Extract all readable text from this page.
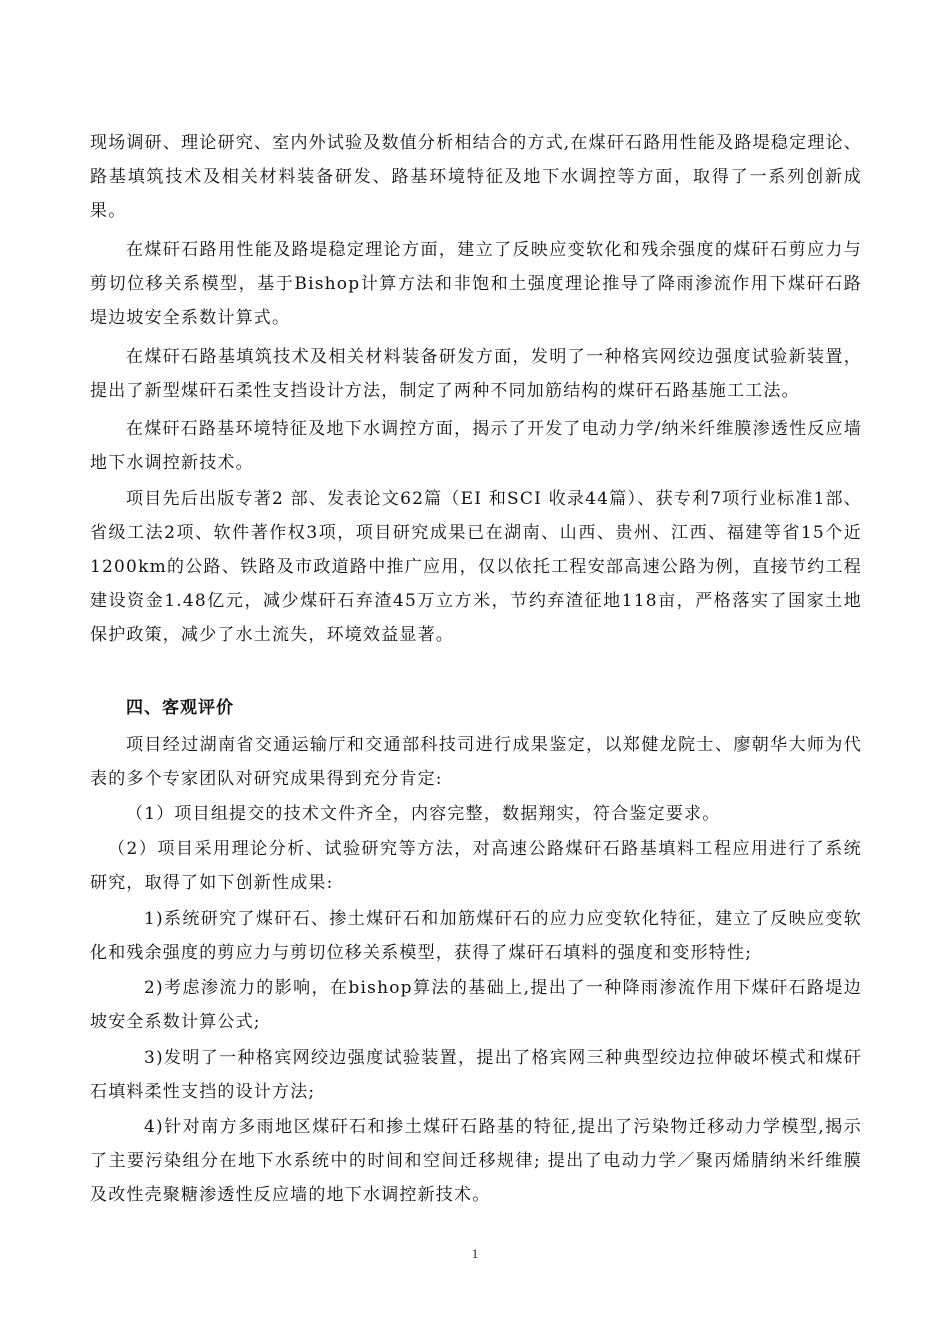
现场调研、理论研究、室内外试验及数值分析相结合的方式,在煤矸石路用性能及路堤稳定理论、路基填筑技术及相关材料装备研发、路基环境特征及地下水调控等方面，取得了一系列创新成果。

在煤矸石路用性能及路堤稳定理论方面，建立了反映应变软化和残余强度的煤矸石剪应力与剪切位移关系模型，基于Bishop计算方法和非饱和土强度理论推导了降雨渗流作用下煤矸石路堤边坡安全系数计算式。

在煤矸石路基填筑技术及相关材料装备研发方面，发明了一种格宾网绞边强度试验新装置，提出了新型煤矸石柔性支挡设计方法，制定了两种不同加筋结构的煤矸石路基施工工法。

在煤矸石路基环境特征及地下水调控方面，揭示了开发了电动力学/纳米纤维膜渗透性反应墙地下水调控新技术。

项目先后出版专著2 部、发表论文62篇（EI 和SCI 收录44篇）、获专利7项行业标准1部、省级工法2项、软件著作权3项，项目研究成果已在湖南、山西、贵州、江西、福建等省15个近1200km的公路、铁路及市政道路中推广应用，仅以依托工程安部高速公路为例，直接节约工程建设资金1.48亿元，减少煤矸石弃渣45万立方米，节约弃渣征地118亩，严格落实了国家土地保护政策，减少了水土流失，环境效益显著。

四、客观评价

项目经过湖南省交通运输厅和交通部科技司进行成果鉴定，以郑健龙院士、廖朝华大师为代表的多个专家团队对研究成果得到充分肯定:

（1）项目组提交的技术文件齐全，内容完整，数据翔实，符合鉴定要求。

（2）项目采用理论分析、试验研究等方法，对高速公路煤矸石路基填料工程应用进行了系统研究，取得了如下创新性成果:

1)系统研究了煤矸石、掺土煤矸石和加筋煤矸石的应力应变软化特征，建立了反映应变软化和残余强度的剪应力与剪切位移关系模型，获得了煤矸石填料的强度和变形特性;

2)考虑渗流力的影响，在bishop算法的基础上,提出了一种降雨渗流作用下煤矸石路堤边坡安全系数计算公式;

3)发明了一种格宾网绞边强度试验装置，提出了格宾网三种典型绞边拉伸破坏模式和煤矸石填料柔性支挡的设计方法;

4)针对南方多雨地区煤矸石和掺土煤矸石路基的特征,提出了污染物迁移动力学模型,揭示了主要污染组分在地下水系统中的时间和空间迁移规律; 提出了电动力学／聚丙烯腈纳米纤维膜及改性壳聚糖渗透性反应墙的地下水调控新技术。

1
